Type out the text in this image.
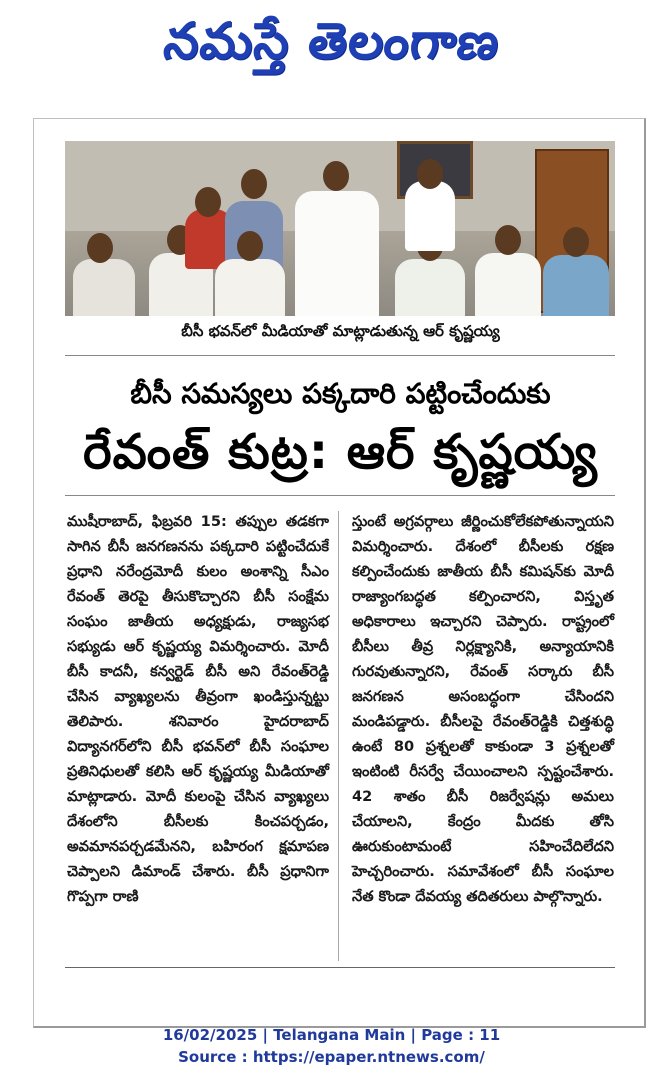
నమస్తే తెలంగాణ
బీసీ భవన్‌లో మీడియాతో మాట్లాడుతున్న ఆర్ కృష్ణయ్య
బీసీ సమస్యలు పక్కదారి పట్టించేందుకు
రేవంత్ కుట్ర: ఆర్ కృష్ణయ్య
ముషీరాబాద్, ఫిబ్రవరి 15: తప్పుల తడకగా సాగిన బీసీ జనగణనను పక్కదారి పట్టించేదుకే ప్రధాని నరేంద్రమోదీ కులం అంశాన్ని సీఎం రేవంత్ తెరపై తీసుకొచ్చారని బీసీ సంక్షేమ సంఘం జాతీయ అధ్యక్షుడు, రాజ్యసభ సభ్యుడు ఆర్ కృష్ణయ్య విమర్శించారు. మోదీ బీసీ కాదనీ, కన్వర్టెడ్ బీసీ అని రేవంత్‌రెడ్డి చేసిన వ్యాఖ్యలను తీవ్రంగా ఖండిస్తున్నట్టు తెలిపారు. శనివారం హైదరాబాద్ విద్యానగర్‌లోని బీసీ భవన్‌లో బీసీ సంఘాల ప్రతినిధులతో కలిసి ఆర్ కృష్ణయ్య మీడియాతో మాట్లాడారు. మోదీ కులంపై చేసిన వ్యాఖ్యలు దేశంలోని బీసీలకు కించపర్చడం, అవమానపర్చడమేనని, బహిరంగ క్షమాపణ చెప్పాలని డిమాండ్ చేశారు. బీసీ ప్రధానిగా గొప్పగా రాణి
స్తుంటే అగ్రవర్గాలు జీర్ణించుకోలేకపోతున్నాయని విమర్శించారు. దేశంలో బీసీలకు రక్షణ కల్పించేందుకు జాతీయ బీసీ కమిషన్‌కు మోదీ రాజ్యాంగబద్ధత కల్పించారని, విస్తృత అధికారాలు ఇచ్చారని చెప్పారు. రాష్ట్రంలో బీసీలు తీవ్ర నిర్లక్ష్యానికి, అన్యాయానికి గురవుతున్నారని, రేవంత్ సర్కారు బీసీ జనగణన అసంబద్ధంగా చేసిందని మండిపడ్డారు. బీసీలపై రేవంత్‌రెడ్డికి చిత్తశుద్ధి ఉంటే 80 ప్రశ్నలతో కాకుండా 3 ప్రశ్నలతో ఇంటింటి రీసర్వే చేయించాలని స్పష్టంచేశారు. 42 శాతం బీసీ రిజర్వేషన్లు అమలు చేయాలని, కేంద్రం మీదకు తోసి ఊరుకుంటామంటే సహించేదిలేదని హెచ్చరించారు. సమావేశంలో బీసీ సంఘాల నేత కొండా దేవయ్య తదితరులు పాల్గొన్నారు.
16/02/2025 | Telangana Main | Page : 11
Source : https://epaper.ntnews.com/
